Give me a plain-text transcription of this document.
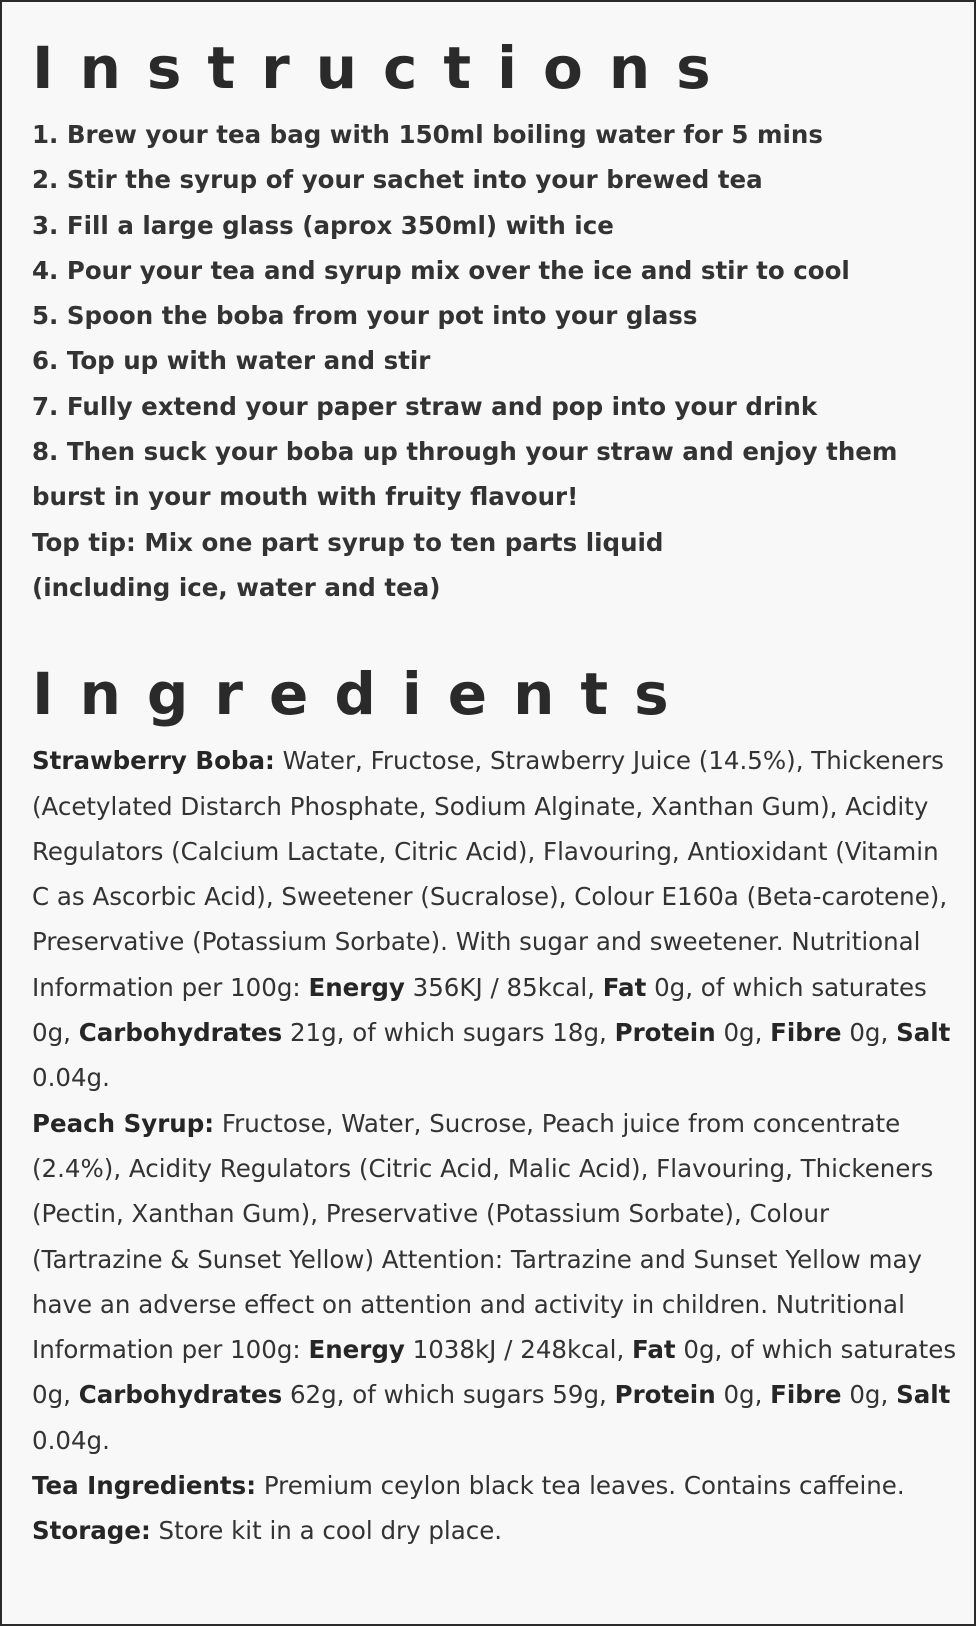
Instructions
1. Brew your tea bag with 150ml boiling water for 5 mins
2. Stir the syrup of your sachet into your brewed tea
3. Fill a large glass (aprox 350ml) with ice
4. Pour your tea and syrup mix over the ice and stir to cool
5. Spoon the boba from your pot into your glass
6. Top up with water and stir
7. Fully extend your paper straw and pop into your drink
8. Then suck your boba up through your straw and enjoy them
burst in your mouth with fruity flavour!
Top tip: Mix one part syrup to ten parts liquid
(including ice, water and tea)
Ingredients
Strawberry Boba: Water, Fructose, Strawberry Juice (14.5%), Thickeners (Acetylated Distarch Phosphate, Sodium Alginate, Xanthan Gum), Acidity Regulators (Calcium Lactate, Citric Acid), Flavouring, Antioxidant (Vitamin C as Ascorbic Acid), Sweetener (Sucralose), Colour E160a (Beta-carotene), Preservative (Potassium Sorbate). With sugar and sweetener. Nutritional Information per 100g: Energy 356KJ / 85kcal, Fat 0g, of which saturates 0g, Carbohydrates 21g, of which sugars 18g, Protein 0g, Fibre 0g, Salt 0.04g.
Peach Syrup: Fructose, Water, Sucrose, Peach juice from concentrate (2.4%), Acidity Regulators (Citric Acid, Malic Acid), Flavouring, Thickeners (Pectin, Xanthan Gum), Preservative (Potassium Sorbate), Colour (Tartrazine & Sunset Yellow) Attention: Tartrazine and Sunset Yellow may have an adverse effect on attention and activity in children. Nutritional Information per 100g: Energy 1038kJ / 248kcal, Fat 0g, of which saturates 0g, Carbohydrates 62g, of which sugars 59g, Protein 0g, Fibre 0g, Salt 0.04g.
Tea Ingredients: Premium ceylon black tea leaves. Contains caffeine.
Storage: Store kit in a cool dry place.
